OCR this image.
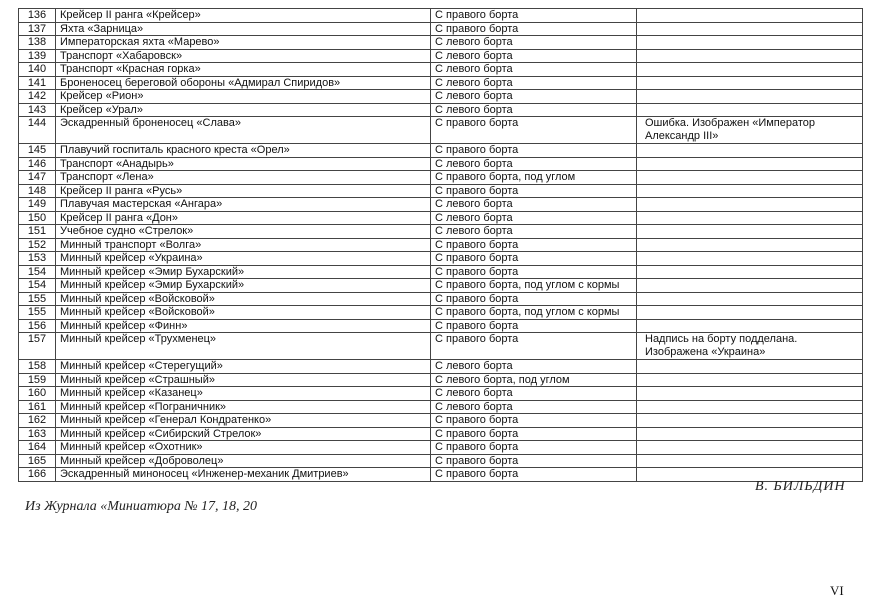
136	Крейсер II ранга «Крейсер»	С правого борта	
137	Яхта «Зарница»	С правого борта	
138	Императорская яхта «Марево»	С левого борта	
139	Транспорт «Хабаровск»	С левого борта	
140	Транспорт «Красная горка»	С левого борта	
141	Броненосец береговой обороны «Адмирал Спиридов»	С левого борта	
142	Крейсер «Рион»	С левого борта	
143	Крейсер «Урал»	С левого борта	
144	Эскадренный броненосец «Слава»	С правого борта	Ошибка. Изображен «Император Александр III»
145	Плавучий госпиталь красного креста «Орел»	С правого борта	
146	Транспорт «Анадырь»	С левого борта	
147	Транспорт «Лена»	С правого борта, под углом	
148	Крейсер II ранга «Русь»	С правого борта	
149	Плавучая мастерская «Ангара»	С левого борта	
150	Крейсер II ранга «Дон»	С левого борта	
151	Учебное судно «Стрелок»	С левого борта	
152	Минный транспорт «Волга»	С правого борта	
153	Минный крейсер «Украина»	С правого борта	
154	Минный крейсер «Эмир Бухарский»	С правого борта	
154	Минный крейсер «Эмир Бухарский»	С правого борта, под углом с кормы	
155	Минный крейсер «Войсковой»	С правого борта	
155	Минный крейсер «Войсковой»	С правого борта, под углом с кормы	
156	Минный крейсер «Финн»	С правого борта	
157	Минный крейсер «Трухменец»	С правого борта	Надпись на борту подделана. Изображена «Украина»
158	Минный крейсер «Стерегущий»	С левого борта	
159	Минный крейсер «Страшный»	С левого борта, под углом	
160	Минный крейсер «Казанец»	С левого борта	
161	Минный крейсер «Пограничник»	С левого борта	
162	Минный крейсер «Генерал Кондратенко»	С правого борта	
163	Минный крейсер «Сибирский Стрелок»	С правого борта	
164	Минный крейсер «Охотник»	С правого борта	
165	Минный крейсер «Доброволец»	С правого борта	
166	Эскадренный миноносец «Инженер-механик Дмитриев»	С правого борта	
В. БИЛЬДИН
Из Журнала «Миниатюра № 17, 18, 20
VI
